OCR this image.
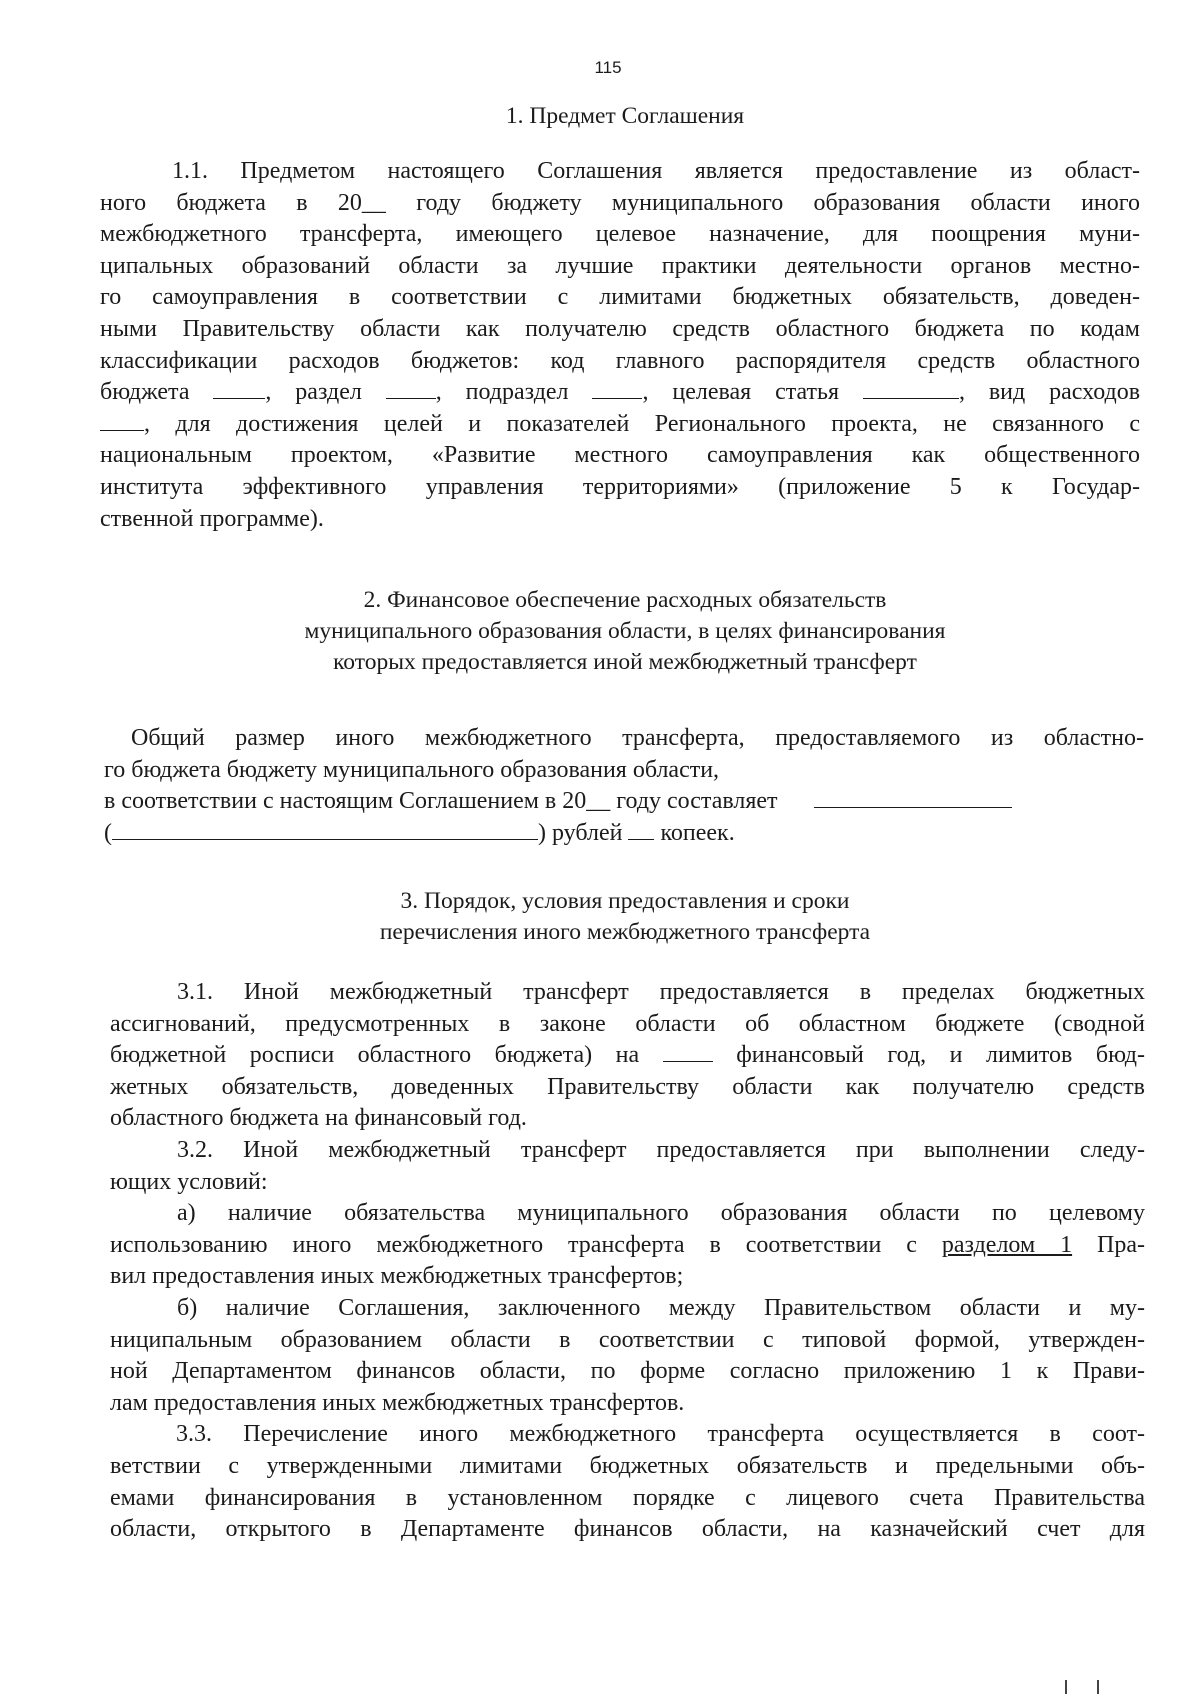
115
1. Предмет Соглашения
1.1. Предметом настоящего Соглашения является предоставление из област-
ного бюджета в 20__ году бюджету муниципального образования области иного
межбюджетного трансферта, имеющего целевое назначение, для поощрения муни-
ципальных образований области за лучшие практики деятельности органов местно-
го самоуправления в соответствии с лимитами бюджетных обязательств, доведен-
ными Правительству области как получателю средств областного бюджета по кодам
классификации расходов бюджетов: код главного распорядителя средств областного
бюджета	, раздел	, подраздел	, целевая статья	, вид расходов
, для достижения целей и показателей Регионального проекта, не связанного с
национальным проектом, «Развитие местного самоуправления как общественного
института эффективного управления территориями» (приложение 5 к Государ-
ственной программе).
2. Финансовое обеспечение расходных обязательств
муниципального образования области, в целях финансирования
которых предоставляется иной межбюджетный трансферт
Общий размер иного межбюджетного трансферта, предоставляемого из областно-
го бюджета бюджету муниципального образования области,
в соответствии с настоящим Соглашением в 20__ году составляет
(	) рублей копеек.
3. Порядок, условия предоставления и сроки
перечисления иного межбюджетного трансферта
3.1. Иной межбюджетный трансферт предоставляется в пределах бюджетных
ассигнований, предусмотренных в законе области об областном бюджете (сводной
бюджетной росписи областного бюджета) на	финансовый год, и лимитов бюд-
жетных обязательств, доведенных Правительству области как получателю средств
областного бюджета на финансовый год.
3.2. Иной межбюджетный трансферт предоставляется при выполнении следу-
ющих условий:
а) наличие обязательства муниципального образования области по целевому
использованию иного межбюджетного трансферта в соответствии с разделом 1 Пра-
вил предоставления иных межбюджетных трансфертов;
б) наличие Соглашения, заключенного между Правительством области и му-
ниципальным образованием области в соответствии с типовой формой, утвержден-
ной Департаментом финансов области, по форме согласно приложению 1 к Прави-
лам предоставления иных межбюджетных трансфертов.
3.3. Перечисление иного межбюджетного трансферта осуществляется в соот-
ветствии с утвержденными лимитами бюджетных обязательств и предельными объ-
емами финансирования в установленном порядке с лицевого счета Правительства
области, открытого в Департаменте финансов области, на казначейский счет для
